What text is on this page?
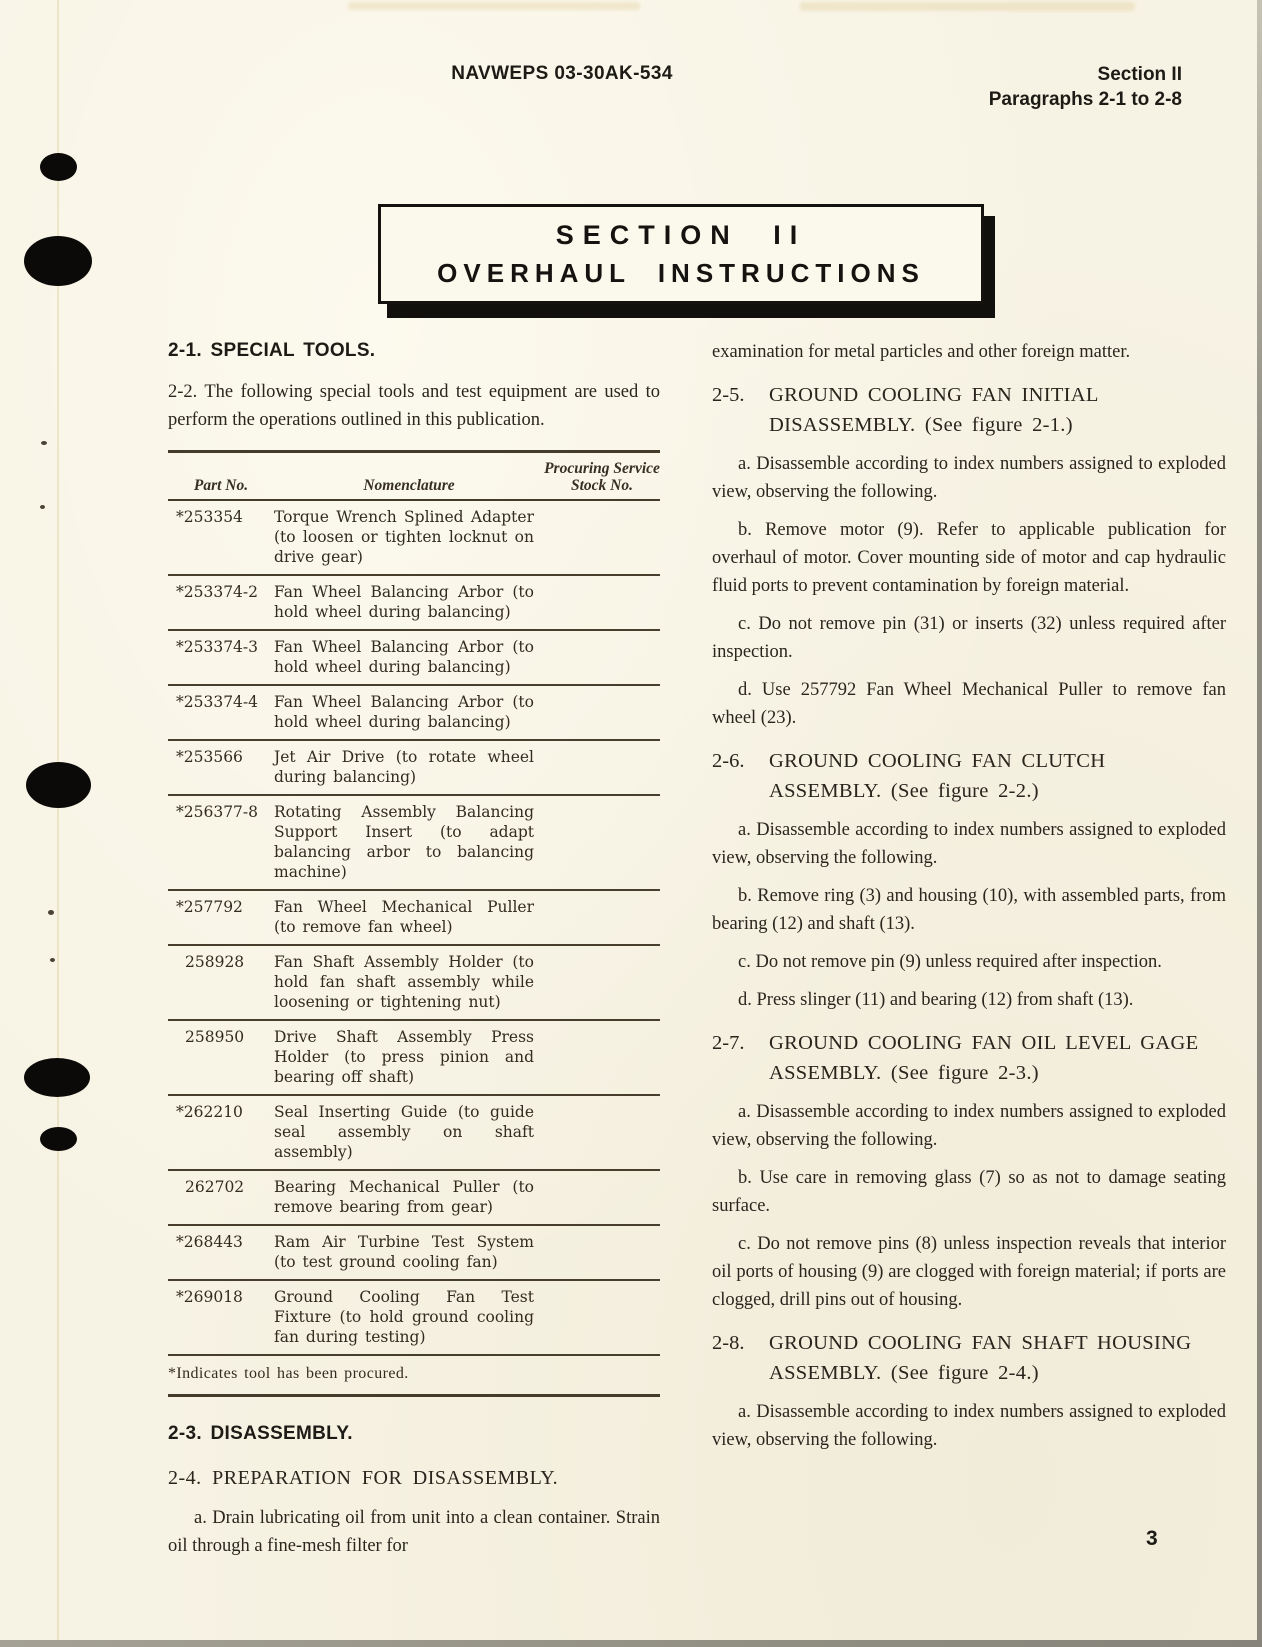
NAVWEPS 03-30AK-534	Section II
Paragraphs 2-1 to 2-8
SECTION II
OVERHAUL INSTRUCTIONS
2-1. SPECIAL TOOLS.

2-2. The following special tools and test equipment are used to perform the operations outlined in this publication.

Part No.	Nomenclature
Procuring Service
Stock No.
*253354	Torque Wrench Splined Adapter (to loosen or tighten locknut on drive gear)
*253374-2	Fan Wheel Balancing Arbor (to hold wheel during balancing)
*253374-3	Fan Wheel Balancing Arbor (to hold wheel during balancing)
*253374-4	Fan Wheel Balancing Arbor (to hold wheel during balancing)
*253566	Jet Air Drive (to rotate wheel during balancing)
*256377-8	Rotating Assembly Balancing Support Insert (to adapt balancing arbor to balancing machine)
*257792	Fan Wheel Mechanical Puller (to remove fan wheel)
258928	Fan Shaft Assembly Holder (to hold fan shaft assembly while loosening or tightening nut)
258950	Drive Shaft Assembly Press Holder (to press pinion and bearing off shaft)
*262210	Seal Inserting Guide (to guide seal assembly on shaft assembly)
262702	Bearing Mechanical Puller (to remove bearing from gear)
*268443	Ram Air Turbine Test System (to test ground cooling fan)
*269018	Ground Cooling Fan Test Fixture (to hold ground cooling fan during testing)
*Indicates tool has been procured.
2-3. DISASSEMBLY.
2-4. PREPARATION FOR DISASSEMBLY.

a. Drain lubricating oil from unit into a clean container. Strain oil through a fine-mesh filter for

examination for metal particles and other foreign matter.

2-5.	GROUND COOLING FAN INITIAL DISASSEMBLY. (See figure 2-1.)

a. Disassemble according to index numbers assigned to exploded view, observing the following.

b. Remove motor (9). Refer to applicable publication for overhaul of motor. Cover mounting side of motor and cap hydraulic fluid ports to prevent contamination by foreign material.

c. Do not remove pin (31) or inserts (32) unless required after inspection.

d. Use 257792 Fan Wheel Mechanical Puller to remove fan wheel (23).

2-6.	GROUND COOLING FAN CLUTCH ASSEMBLY. (See figure 2-2.)

a. Disassemble according to index numbers assigned to exploded view, observing the following.

b. Remove ring (3) and housing (10), with assembled parts, from bearing (12) and shaft (13).

c. Do not remove pin (9) unless required after inspection.

d. Press slinger (11) and bearing (12) from shaft (13).

2-7.	GROUND COOLING FAN OIL LEVEL GAGE ASSEMBLY. (See figure 2-3.)

a. Disassemble according to index numbers assigned to exploded view, observing the following.

b. Use care in removing glass (7) so as not to damage seating surface.

c. Do not remove pins (8) unless inspection reveals that interior oil ports of housing (9) are clogged with foreign material; if ports are clogged, drill pins out of housing.

2-8.	GROUND COOLING FAN SHAFT HOUSING ASSEMBLY. (See figure 2-4.)

a. Disassemble according to index numbers assigned to exploded view, observing the following.

3
